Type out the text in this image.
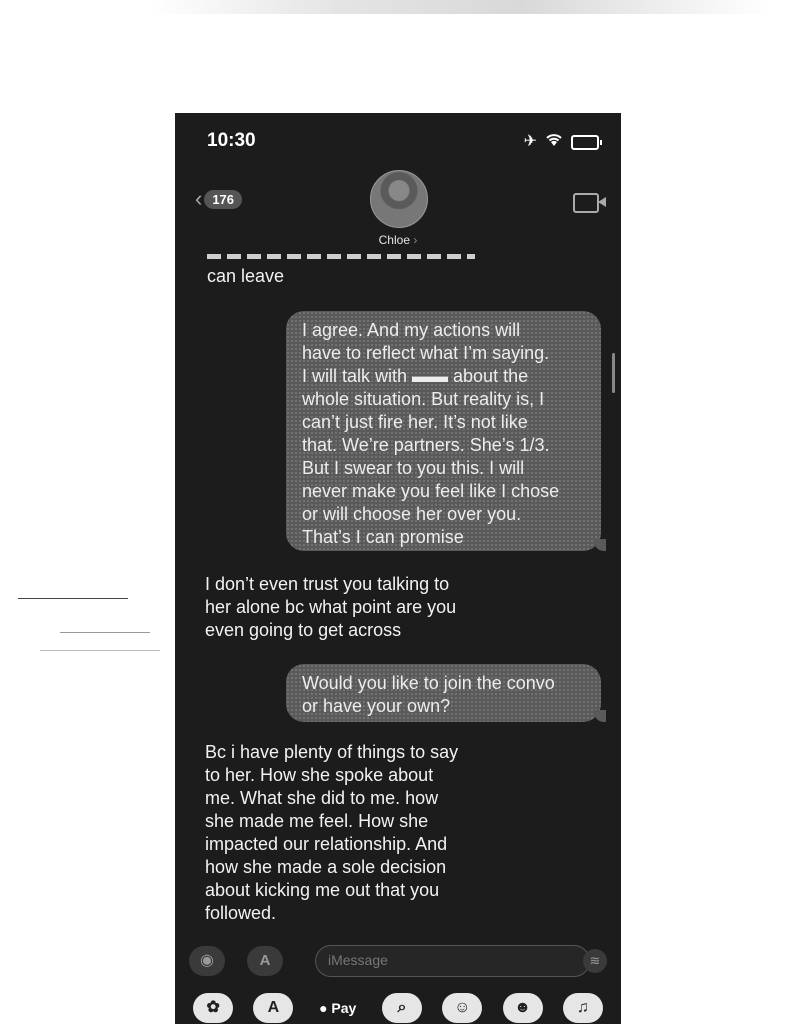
10:30	✈
‹ 176
Chloe ›
can leave
I agree. And my actions will
have to reflect what I’m saying.
I will talk with ▬▬ about the
whole situation. But reality is, I
can’t just fire her. It’s not like
that. We’re partners. She’s 1/3.
But I swear to you this. I will
never make you feel like I chose
or will choose her over you.
That’s I can promise
I don’t even trust you talking to
her alone bc what point are you
even going to get across
Would you like to join the convo
or have your own?
Bc i have plenty of things to say
to her. How she spoke about
me. What she did to me. how
she made me feel. How she
impacted our relationship. And
how she made a sole decision
about kicking me out that you
followed.
◉	A	iMessage	≋
✿	A	● Pay	⌕	☺	☻	♫
